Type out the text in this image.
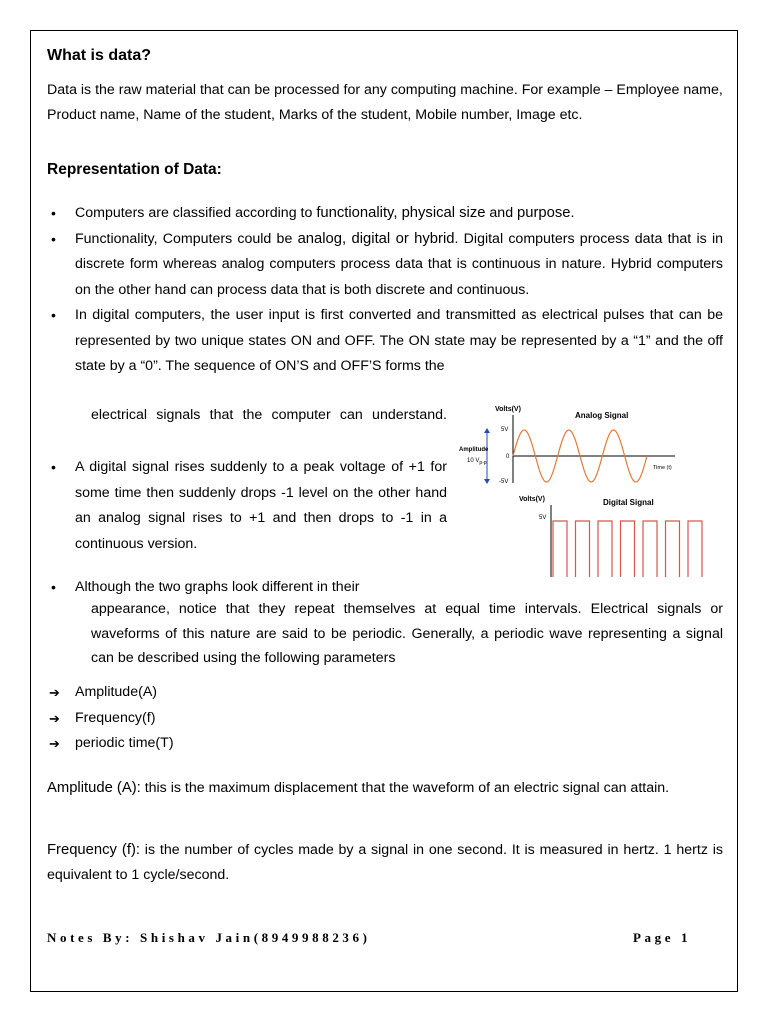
What is data?
Data is the raw material that can be processed for any computing machine. For example – Employee name, Product name, Name of the student, Marks of the student, Mobile number, Image etc.
Representation of Data:
• Computers are classified according to functionality, physical size and purpose.
• Functionality, Computers could be analog, digital or hybrid. Digital computers process data that is in discrete form whereas analog computers process data that is continuous in nature. Hybrid computers on the other hand can process data that is both discrete and continuous.
• In digital computers, the user input is first converted and transmitted as electrical pulses that can be represented by two unique states ON and OFF. The ON state may be represented by a “1” and the off state by a “0”. The sequence of ON’S and OFF’S forms the
electrical signals that the computer can understand.
• A digital signal rises suddenly to a peak voltage of +1 for some time then suddenly drops -1 level on the other hand an analog signal rises to +1 and then drops to -1 in a continuous version.
• Although the two graphs look different in their
appearance, notice that they repeat themselves at equal time intervals. Electrical signals or waveforms of this nature are said to be periodic. Generally, a periodic wave representing a signal can be described using the following parameters
Volts(V)
Analog Signal
5V
0
-5V
Amplitude
10 $V_{p-p}$
Time (t)
Volts(V)	Digital Signal
5V
➔ Amplitude(A)
➔ Frequency(f)
➔ periodic time(T)
Amplitude (A): this is the maximum displacement that the waveform of an electric signal can attain.
Frequency (f): is the number of cycles made by a signal in one second. It is measured in hertz. 1 hertz is equivalent to 1 cycle/second.
Notes By: Shishav Jain(8949988236)	Page 1
